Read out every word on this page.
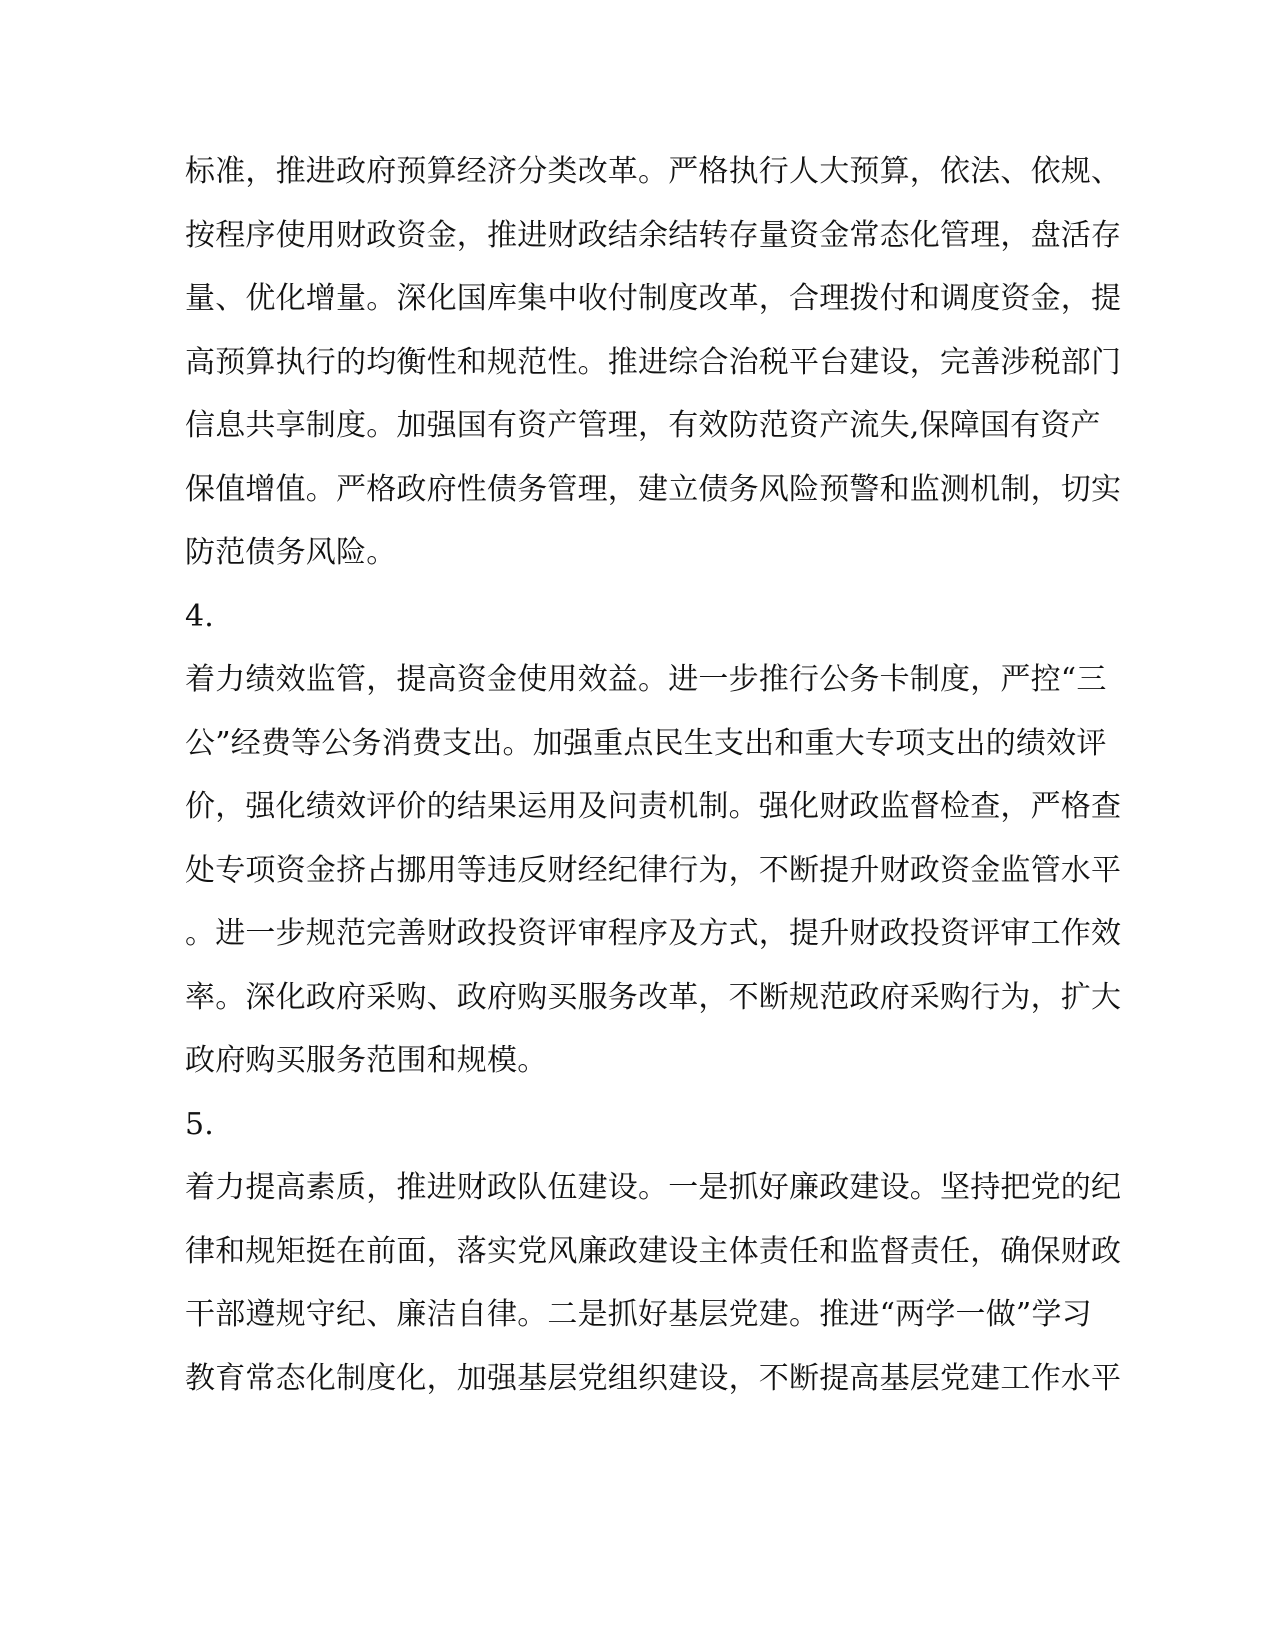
标准，推进政府预算经济分类改革。严格执行人大预算，依法、依规、
按程序使用财政资金，推进财政结余结转存量资金常态化管理，盘活存
量、优化增量。深化国库集中收付制度改革，合理拨付和调度资金，提
高预算执行的均衡性和规范性。推进综合治税平台建设，完善涉税部门
信息共享制度。加强国有资产管理，有效防范资产流失,保障国有资产
保值增值。严格政府性债务管理，建立债务风险预警和监测机制，切实
防范债务风险。
4.
着力绩效监管，提高资金使用效益。进一步推行公务卡制度，严控“三
公”经费等公务消费支出。加强重点民生支出和重大专项支出的绩效评
价，强化绩效评价的结果运用及问责机制。强化财政监督检查，严格查
处专项资金挤占挪用等违反财经纪律行为，不断提升财政资金监管水平
。进一步规范完善财政投资评审程序及方式，提升财政投资评审工作效
率。深化政府采购、政府购买服务改革，不断规范政府采购行为，扩大
政府购买服务范围和规模。
5.
着力提高素质，推进财政队伍建设。一是抓好廉政建设。坚持把党的纪
律和规矩挺在前面，落实党风廉政建设主体责任和监督责任，确保财政
干部遵规守纪、廉洁自律。二是抓好基层党建。推进“两学一做”学习
教育常态化制度化，加强基层党组织建设，不断提高基层党建工作水平
